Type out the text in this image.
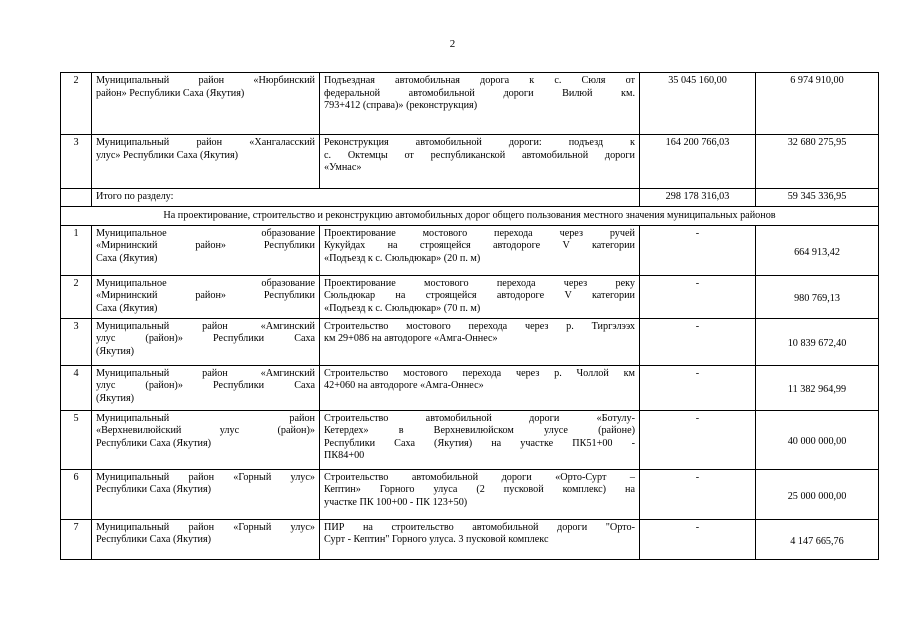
2
2	Муниципальный район «Нюрбинский
район» Республики Саха (Якутия)	Подъездная автомобильная дорога к с. Сюля от
федеральной автомобильной дороги Вилюй км.
793+412 (справа)» (реконструкция)	35 045 160,00	6 974 910,00
3	Муниципальный район «Хангаласский
улус» Республики Саха (Якутия)	Реконструкция автомобильной дороги: подъезд к
с. Октемцы от республиканской автомобильной дороги
«Умнас»	164 200 766,03	32 680 275,95
	Итого по разделу:		298 178 316,03	59 345 336,95
На проектирование, строительство и реконструкцию автомобильных дорог общего пользования местного значения муниципальных районов				
1	Муниципальное образование
«Мирнинский район» Республики
Саха (Якутия)	Проектирование мостового перехода через ручей
Кукуйдах на строящейся автодороге V категории
«Подъезд к с. Сюльдюкар» (20 п. м)	-	664 913,42
2	Муниципальное образование
«Мирнинский район» Республики
Саха (Якутия)	Проектирование мостового перехода через реку
Сюльдюкар на строящейся автодороге V категории
«Подъезд к с. Сюльдюкар» (70 п. м)	-	980 769,13
3	Муниципальный район «Амгинский
улус (район)» Республики Саха
(Якутия)	Строительство мостового перехода через р. Тиргэлээх
км 29+086 на автодороге «Амга-Оннес»	-	10 839 672,40
4	Муниципальный район «Амгинский
улус (район)» Республики Саха
(Якутия)	Строительство мостового перехода через р. Чоллой км
42+060 на автодороге «Амга-Оннес»	-	11 382 964,99
5	Муниципальный район
«Верхневилюйский улус (район)»
Республики Саха (Якутия)	Строительство автомобильной дороги «Ботулу-
Кетердех» в Верхневилюйском улусе (районе)
Республики Саха (Якутия) на участке ПК51+00 -
ПК84+00	-	40 000 000,00
6	Муниципальный район «Горный улус»
Республики Саха (Якутия)	Строительство автомобильной дороги «Орто-Сурт –
Кептин» Горного улуса (2 пусковой комплекс) на
участке ПК 100+00 - ПК 123+50)	-	25 000 000,00
7	Муниципальный район «Горный улус»
Республики Саха (Якутия)	ПИР на строительство автомобильной дороги "Орто-
Сурт - Кептин" Горного улуса. 3 пусковой комплекс	-	4 147 665,76
